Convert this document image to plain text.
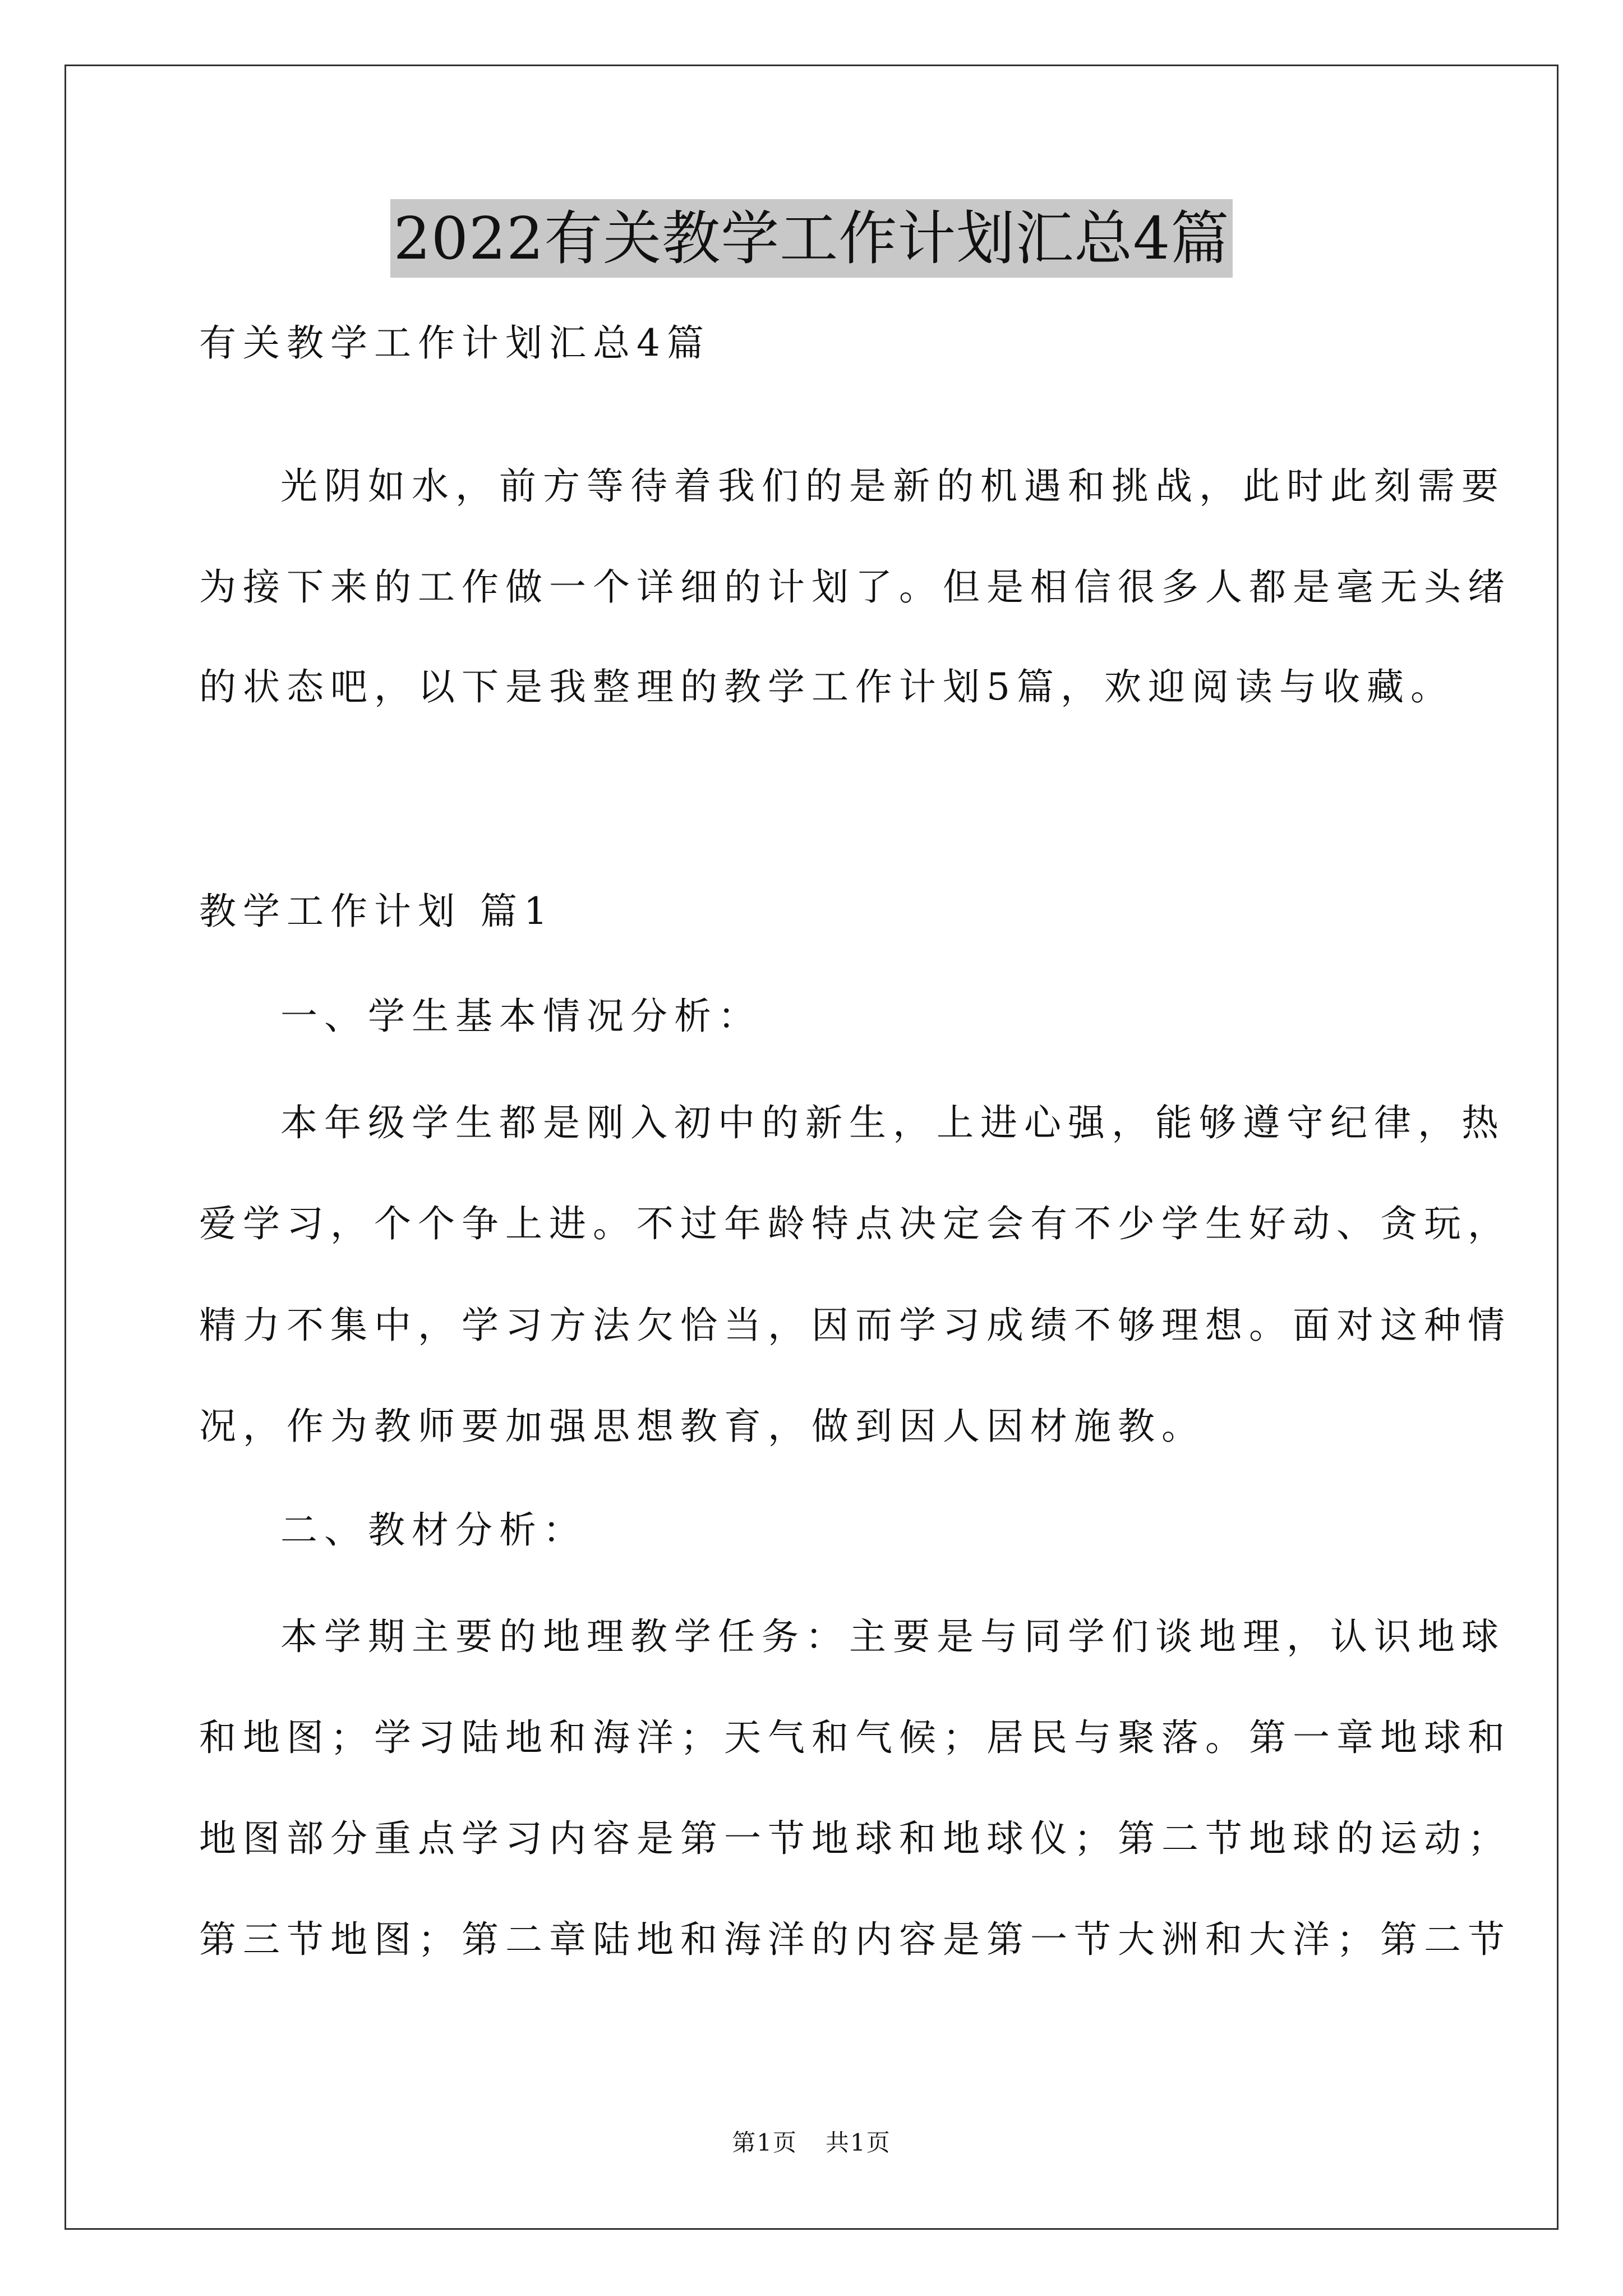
2022有关教学工作计划汇总4篇
有关教学工作计划汇总4篇
光阴如水，前方等待着我们的是新的机遇和挑战，此时此刻需要
为接下来的工作做一个详细的计划了。但是相信很多人都是毫无头绪
的状态吧，以下是我整理的教学工作计划5篇，欢迎阅读与收藏。
教学工作计划 篇1
一、学生基本情况分析：
本年级学生都是刚入初中的新生，上进心强，能够遵守纪律，热
爱学习，个个争上进。不过年龄特点决定会有不少学生好动、贪玩，
精力不集中，学习方法欠恰当，因而学习成绩不够理想。面对这种情
况，作为教师要加强思想教育，做到因人因材施教。
二、教材分析：
本学期主要的地理教学任务：主要是与同学们谈地理，认识地球
和地图；学习陆地和海洋；天气和气候；居民与聚落。第一章地球和
地图部分重点学习内容是第一节地球和地球仪；第二节地球的运动；
第三节地图；第二章陆地和海洋的内容是第一节大洲和大洋；第二节
第1页 共1页
